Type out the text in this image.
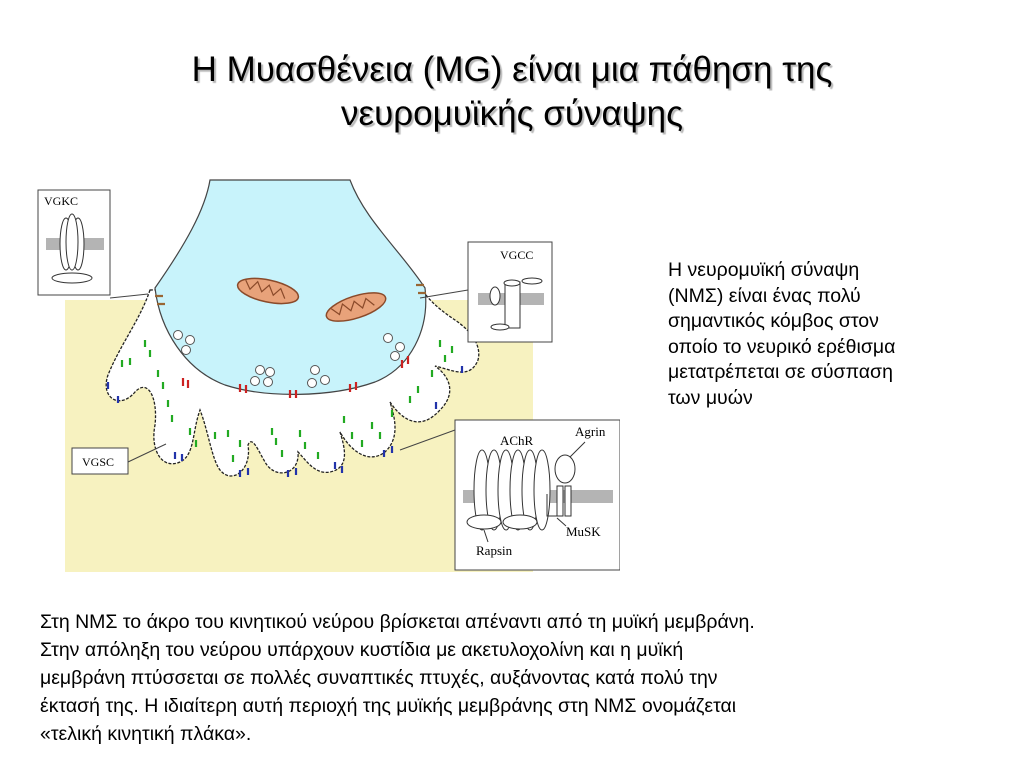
Η Μυασθένεια (MG) είναι μια πάθηση της
νευρομυϊκής σύναψης
VGKC
VGCC
VGSC
AChR
Agrin
MuSK
Rapsin
Η νευρομυϊκή σύναψη
(ΝΜΣ) είναι ένας πολύ
σημαντικός κόμβος στον
οποίο το νευρικό ερέθισμα
μετατρέπεται σε σύσπαση
των μυών
Στη ΝΜΣ το άκρο του κινητικού νεύρου βρίσκεται απέναντι από τη μυϊκή μεμβράνη.
Στην απόληξη του νεύρου υπάρχουν κυστίδια με ακετυλοχολίνη και η μυϊκή
μεμβράνη πτύσσεται σε πολλές συναπτικές πτυχές, αυξάνοντας κατά πολύ την
έκτασή της. Η ιδιαίτερη αυτή περιοχή της μυϊκής μεμβράνης στη ΝΜΣ ονομάζεται
«τελική κινητική πλάκα».
